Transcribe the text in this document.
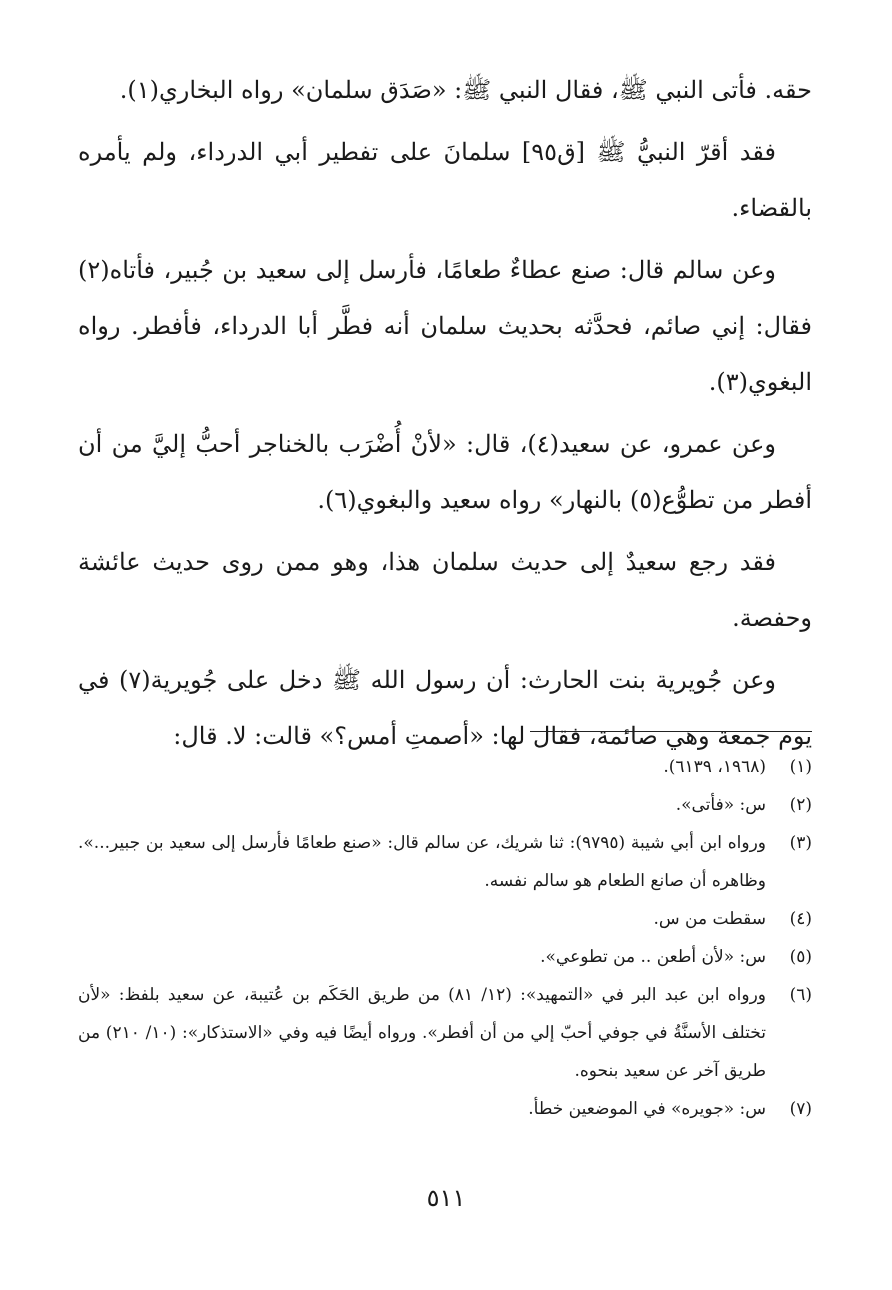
حقه. فأتى النبي ﷺ، فقال النبي ﷺ: «صَدَق سلمان» رواه البخاري(١).

فقد أقرّ النبيُّ ﷺ [ق٩٥] سلمانَ على تفطير أبي الدرداء، ولم يأمره بالقضاء.

وعن سالم قال: صنع عطاءٌ طعامًا، فأرسل إلى سعيد بن جُبير، فأتاه(٢) فقال: إني صائم، فحدَّثه بحديث سلمان أنه فطَّر أبا الدرداء، فأفطر. رواه البغوي(٣).

وعن عمرو، عن سعيد(٤)، قال: «لأنْ أُضْرَب بالخناجر أحبُّ إليَّ من أن أفطر من تطوُّع(٥) بالنهار» رواه سعيد والبغوي(٦).

فقد رجع سعيدٌ إلى حديث سلمان هذا، وهو ممن روى حديث عائشة وحفصة.

وعن جُويرية بنت الحارث: أن رسول الله ﷺ دخل على جُويرية(٧) في يوم جمعة وهي صائمة، فقال لها: «أصمتِ أمس؟» قالت: لا. قال:

(١)
(١٩٦٨، ٦١٣٩).
(٢)
س: «فأتى».
(٣)
ورواه ابن أبي شيبة (٩٧٩٥): ثنا شريك، عن سالم قال: «صنع طعامًا فأرسل إلى سعيد بن جبير...». وظاهره أن صانع الطعام هو سالم نفسه.
(٤)
سقطت من س.
(٥)
س: «لأن أطعن .. من تطوعي».
(٦)
ورواه ابن عبد البر في «التمهيد»: (١٢/ ٨١) من طريق الحَكَم بن عُتيبة، عن سعيد بلفظ: «لأن تختلف الأسنَّةُ في جوفي أحبّ إلي من أن أفطر». ورواه أيضًا فيه وفي «الاستذكار»: (١٠/ ٢١٠) من طريق آخر عن سعيد بنحوه.
(٧)
س: «جويره» في الموضعين خطأ.
٥١١
